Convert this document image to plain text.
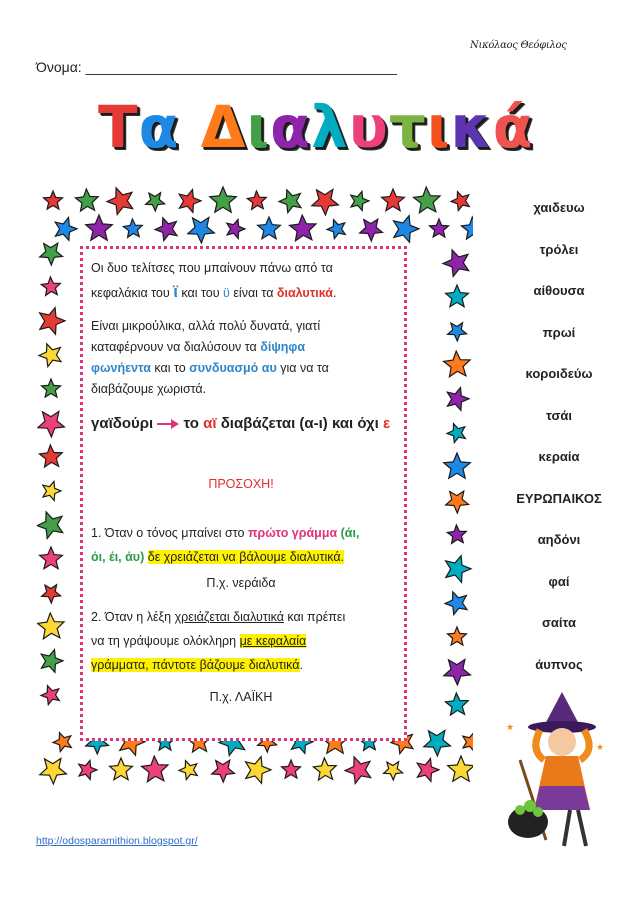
Νικόλαος Θεόφιλος
Όνομα: ________________________________________
Τα Διαλυτικά
Οι δυο τελίτσες που μπαίνουν πάνω από τα
κεφαλάκια του ϊ και του ϋ είναι τα διαλυτικά.
Είναι μικρούλικα, αλλά πολύ δυνατά, γιατί
καταφέρνουν να διαλύσουν τα δίψηφα
φωνήεντα και το συνδυασμό αυ για να τα
διαβάζουμε χωριστά.
γαϊδούρι το αϊ διαβάζεται (α-ι) και όχι ε
ΠΡΟΣΟΧΗ!
1. Όταν ο τόνος μπαίνει στο πρώτο γράμμα (άι,
όι, έι, άυ) δε χρειάζεται να βάλουμε διαλυτικά.
Π.χ. νεράιδα
2. Όταν η λέξη χρειάζεται διαλυτικά και πρέπει
να τη γράψουμε ολόκληρη με κεφαλαία
γράμματα, πάντοτε βάζουμε διαλυτικά.
Π.χ. ΛΑΪΚΗ
χαιδευω
τρόλει
αίθουσα
πρωί
κοροιδεύω
τσάι
κεραία
ΕΥΡΩΠΑΙΚΟΣ
αηδόνι
φαί
σαίτα
άυπνος
★
★
http://odosparamithion.blogspot.gr/
